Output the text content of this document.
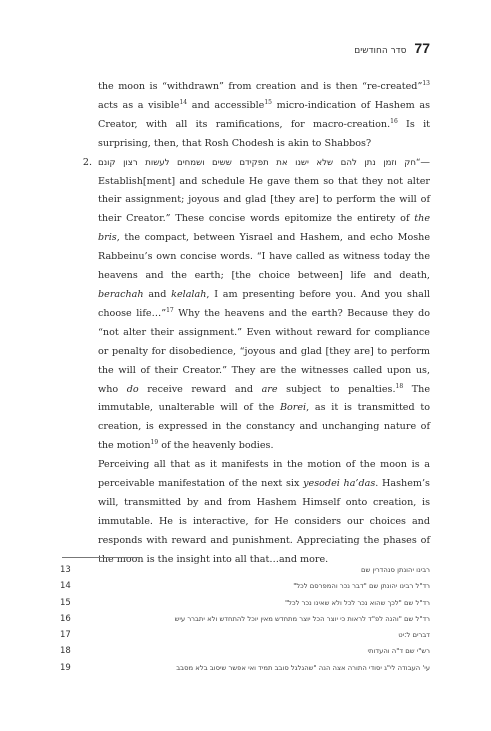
סדר החודשים 77

the moon is “withdrawn” from creation and is then “re-created”$^{13}$ acts as a visible$^{14}$ and accessible$^{15}$ micro-indication of Hashem as Creator, with all its ramifications, for macro-creation.$^{16}$ Is it surprising, then, that Rosh Chodesh is akin to Shabbos?

2. “חק וזמן נתן להם שלא ישנו את תפקידם ששים ושמחים לעשות רצון קונם—Establish[ment] and schedule He gave them so that they not alter their assignment; joyous and glad [they are] to perform the will of their Creator.” These concise words epitomize the entirety of the bris, the compact, between Yisrael and Hashem, and echo Moshe Rabbeinu’s own concise words. “I have called as witness today the heavens and the earth; [the choice between] life and death, berachah and kelalah, I am presenting before you. And you shall choose life…”$^{17}$ Why the heavens and the earth? Because they do “not alter their assignment.” Even without reward for compliance or penalty for disobedience, “joyous and glad [they are] to perform the will of their Creator.” They are the witnesses called upon us, who do receive reward and are subject to penalties.$^{18}$ The immutable, unalterable will of the Borei, as it is transmitted to creation, is expressed in the constancy and unchanging nature of the motion$^{19}$ of the heavenly bodies.

Perceiving all that as it manifests in the motion of the moon is a perceivable manifestation of the next six yesodei ha’das. Hashem’s will, transmitted by and from Hashem Himself onto creation, is immutable. He is interactive, for He considers our choices and responds with reward and punishment. Appreciating the phases of the moon is the insight into all that…and more.

13	רבינו יהונתן סנהדרין שם
14	רד"ל רבינו יהונתן שם "דבר נכר והמפרסם לכל"
15	רד"ל שם "לכך שהוא נכר לכל ולא שאינו נכר לכל"
16	רד"ל שם "והנה לפ"ד לראות כי יוצר הכל יוצר מתחדש מאין יוכל להתחדש ולא יתברר עיש
17	דברים ל:יט
18	רש"י שם ד"ה והעדותי
19	עי' העבודה לי"ג יסודי התורה אצה הנה "שהגלגל סובב תמיד ואי אפשר שיסוב בלא מסבב
